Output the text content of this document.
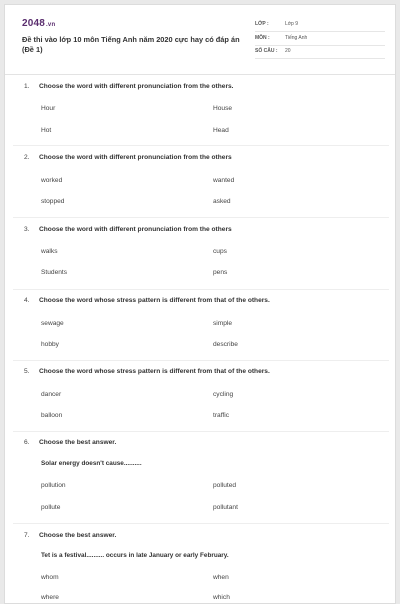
2048.vn
Đề thi vào lớp 10 môn Tiếng Anh năm 2020 cực hay có đáp án (Đề 1)
LỚP :	Lớp 9
MÔN :	Tiếng Anh
SỐ CÂU : 20
1. Choose the word with different pronunciation from the others.
Hour	House
Hot	Head
2. Choose the word with different pronunciation from the others
worked	wanted
stopped	asked
3. Choose the word with different pronunciation from the others
walks	cups
Students	pens
4. Choose the word whose stress pattern is different from that of the others.
sewage	simple
hobby	describe
5. Choose the word whose stress pattern is different from that of the others.
dancer	cycling
balloon	traffic
6. Choose the best answer.
Solar energy doesn't cause..........
pollution	polluted
pollute	pollutant
7. Choose the best answer.
Tet is a festival.......... occurs in late January or early February.
whom	when
where	which
